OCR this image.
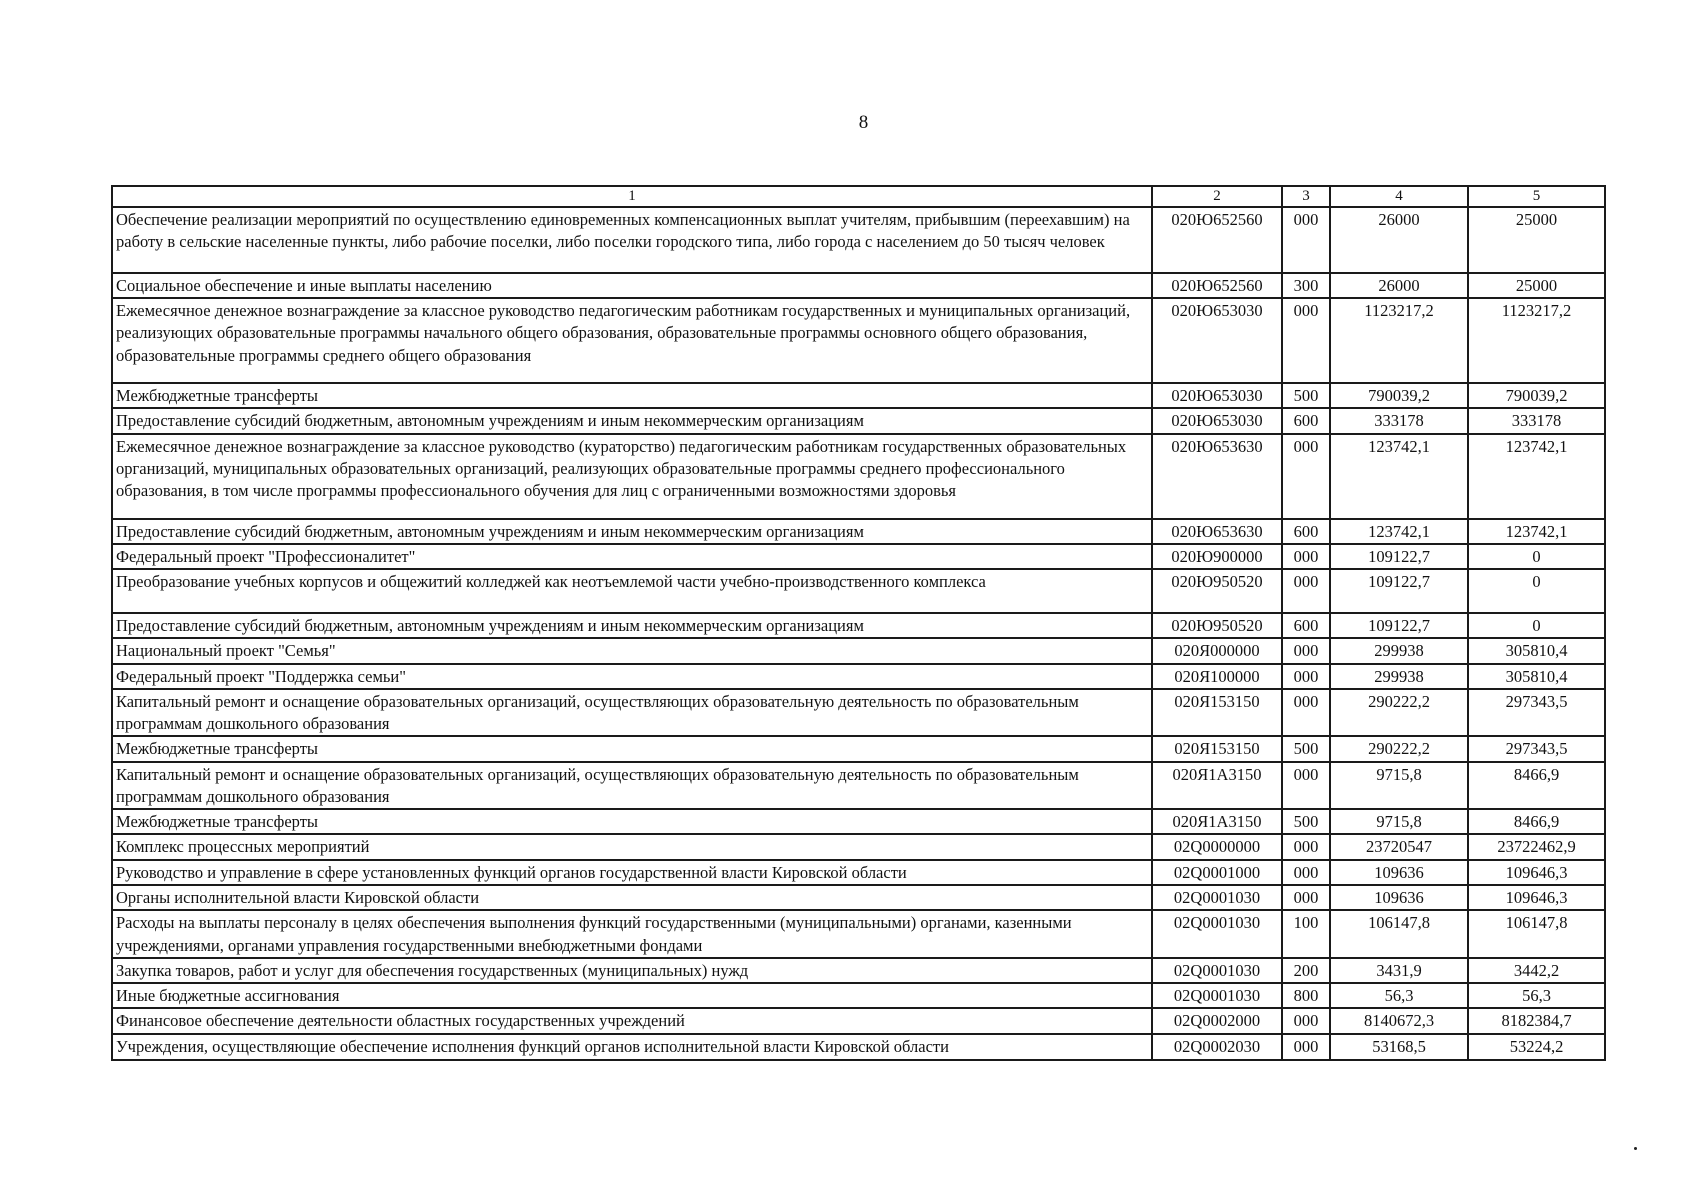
8
1	2	3	4	5
Обеспечение реализации мероприятий по осуществлению единовременных компенсационных выплат учителям, прибывшим (переехавшим) на работу в сельские населенные пункты, либо рабочие поселки, либо поселки городского типа, либо города с населением до 50 тысяч человек	020Ю652560	000	26000	25000
Социальное обеспечение и иные выплаты населению	020Ю652560	300	26000	25000
Ежемесячное денежное вознаграждение за классное руководство педагогическим работникам государственных и муниципальных организаций, реализующих образовательные программы начального общего образования, образовательные программы основного общего образования, образовательные программы среднего общего образования	020Ю653030	000	1123217,2	1123217,2
Межбюджетные трансферты	020Ю653030	500	790039,2	790039,2
Предоставление субсидий бюджетным, автономным учреждениям и иным некоммерческим организациям	020Ю653030	600	333178	333178
Ежемесячное денежное вознаграждение за классное руководство (кураторство) педагогическим работникам государственных образовательных организаций, муниципальных образовательных организаций, реализующих образовательные программы среднего профессионального образования, в том числе программы профессионального обучения для лиц с ограниченными возможностями здоровья	020Ю653630	000	123742,1	123742,1
Предоставление субсидий бюджетным, автономным учреждениям и иным некоммерческим организациям	020Ю653630	600	123742,1	123742,1
Федеральный проект "Профессионалитет"	020Ю900000	000	109122,7	0
Преобразование учебных корпусов и общежитий колледжей как неотъемлемой части учебно-производственного комплекса	020Ю950520	000	109122,7	0
Предоставление субсидий бюджетным, автономным учреждениям и иным некоммерческим организациям	020Ю950520	600	109122,7	0
Национальный проект "Семья"	020Я000000	000	299938	305810,4
Федеральный проект "Поддержка семьи"	020Я100000	000	299938	305810,4
Капитальный ремонт и оснащение образовательных организаций, осуществляющих образовательную деятельность по образовательным программам дошкольного образования	020Я153150	000	290222,2	297343,5
Межбюджетные трансферты	020Я153150	500	290222,2	297343,5
Капитальный ремонт и оснащение образовательных организаций, осуществляющих образовательную деятельность по образовательным программам дошкольного образования	020Я1А3150	000	9715,8	8466,9
Межбюджетные трансферты	020Я1А3150	500	9715,8	8466,9
Комплекс процессных мероприятий	02Q0000000	000	23720547	23722462,9
Руководство и управление в сфере установленных функций органов государственной власти Кировской области	02Q0001000	000	109636	109646,3
Органы исполнительной власти Кировской области	02Q0001030	000	109636	109646,3
Расходы на выплаты персоналу в целях обеспечения выполнения функций государственными (муниципальными) органами, казенными учреждениями, органами управления государственными внебюджетными фондами	02Q0001030	100	106147,8	106147,8
Закупка товаров, работ и услуг для обеспечения государственных (муниципальных) нужд	02Q0001030	200	3431,9	3442,2
Иные бюджетные ассигнования	02Q0001030	800	56,3	56,3
Финансовое обеспечение деятельности областных государственных учреждений	02Q0002000	000	8140672,3	8182384,7
Учреждения, осуществляющие обеспечение исполнения функций органов исполнительной власти Кировской области	02Q0002030	000	53168,5	53224,2
